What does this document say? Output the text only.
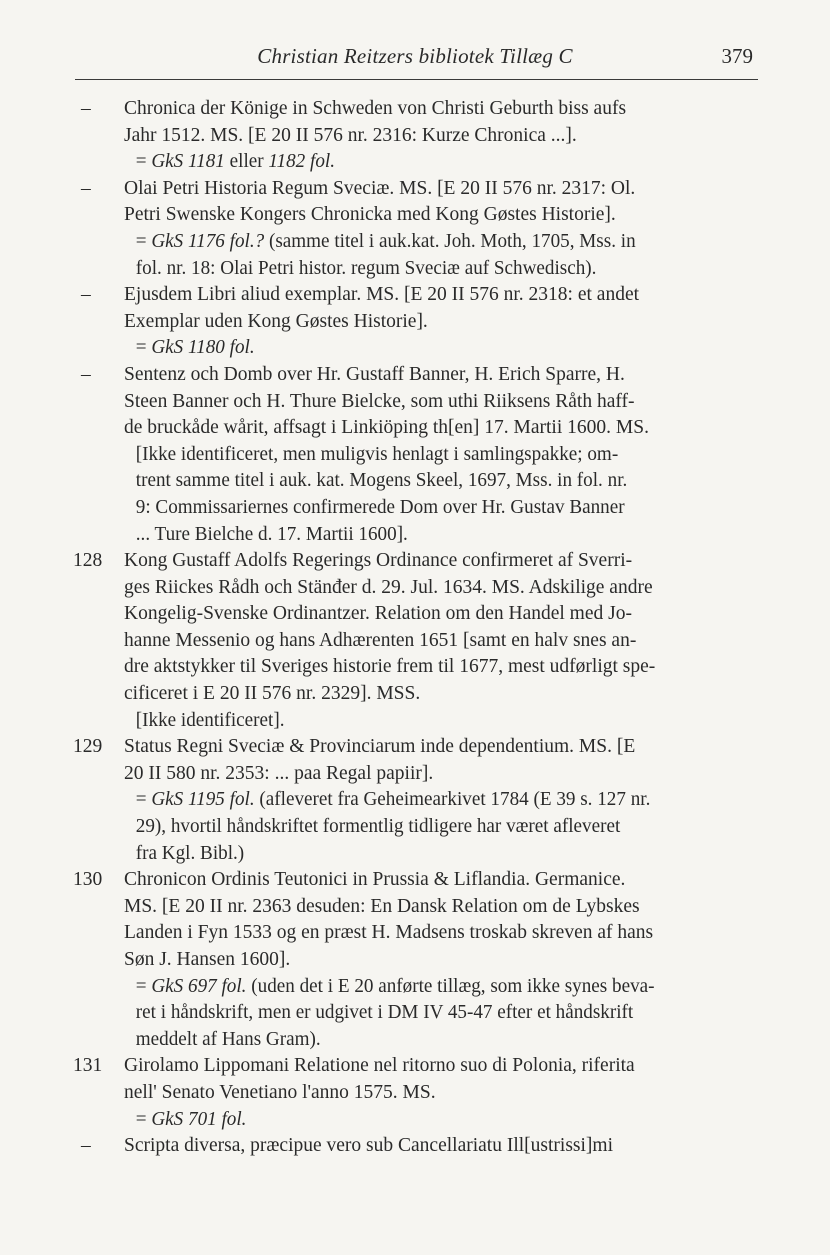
Christian Reitzers bibliotek Tillæg C	379
–	Chronica der Könige in Schweden von Christi Geburth biss aufs
Jahr 1512. MS. [E 20 II 576 nr. 2316: Kurze Chronica ...].
= GkS 1181 eller 1182 fol.
–	Olai Petri Historia Regum Sveciæ. MS. [E 20 II 576 nr. 2317: Ol.
Petri Swenske Kongers Chronicka med Kong Gøstes Historie].
= GkS 1176 fol.? (samme titel i auk.kat. Joh. Moth, 1705, Mss. in
fol. nr. 18: Olai Petri histor. regum Sveciæ auf Schwedisch).
–	Ejusdem Libri aliud exemplar. MS. [E 20 II 576 nr. 2318: et andet
Exemplar uden Kong Gøstes Historie].
= GkS 1180 fol.
–	Sentenz och Domb over Hr. Gustaff Banner, H. Erich Sparre, H.
Steen Banner och H. Thure Bielcke, som uthi Riiksens Råth haff-
de bruckåde wårit, affsagt i Linkiöping th[en] 17. Martii 1600. MS.
[Ikke identificeret, men muligvis henlagt i samlingspakke; om-
trent samme titel i auk. kat. Mogens Skeel, 1697, Mss. in fol. nr.
9: Commissariernes confirmerede Dom over Hr. Gustav Banner
... Ture Bielche d. 17. Martii 1600].
128	Kong Gustaff Adolfs Regerings Ordinance confirmeret af Sverri-
ges Riickes Rådh och Stänđer d. 29. Jul. 1634. MS. Adskilige andre
Kongelig-Svenske Ordinantzer. Relation om den Handel med Jo-
hanne Messenio og hans Adhærenten 1651 [samt en halv snes an-
dre aktstykker til Sveriges historie frem til 1677, mest udførligt spe-
cificeret i E 20 II 576 nr. 2329]. MSS.
[Ikke identificeret].
129	Status Regni Sveciæ & Provinciarum inde dependentium. MS. [E
20 II 580 nr. 2353: ... paa Regal papiir].
= GkS 1195 fol. (afleveret fra Geheimearkivet 1784 (E 39 s. 127 nr.
29), hvortil håndskriftet formentlig tidligere har været afleveret
fra Kgl. Bibl.)
130	Chronicon Ordinis Teutonici in Prussia & Liflandia. Germanice.
MS. [E 20 II nr. 2363 desuden: En Dansk Relation om de Lybskes
Landen i Fyn 1533 og en præst H. Madsens troskab skreven af hans
Søn J. Hansen 1600].
= GkS 697 fol. (uden det i E 20 anførte tillæg, som ikke synes beva-
ret i håndskrift, men er udgivet i DM IV 45-47 efter et håndskrift
meddelt af Hans Gram).
131	Girolamo Lippomani Relatione nel ritorno suo di Polonia, riferita
nell' Senato Venetiano l'anno 1575. MS.
= GkS 701 fol.
–	Scripta diversa, præcipue vero sub Cancellariatu Ill[ustrissi]mi
